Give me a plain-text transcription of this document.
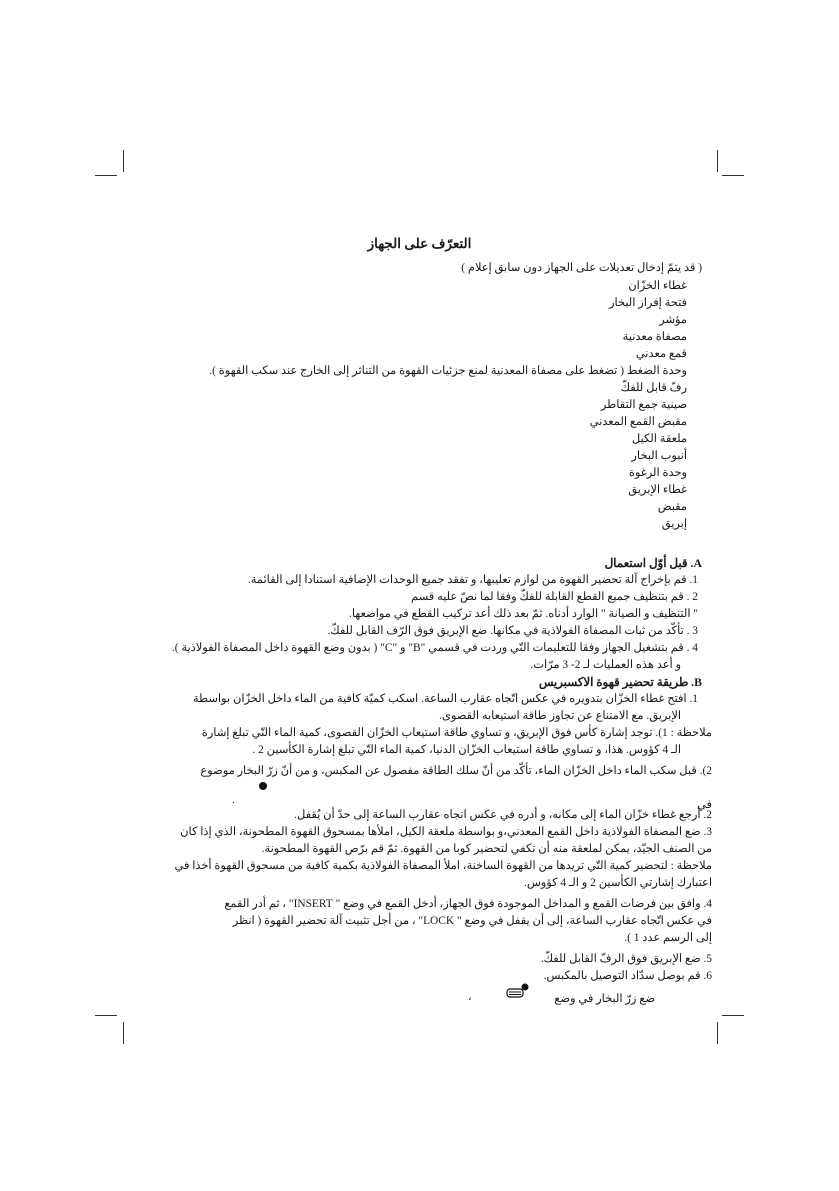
التعرّف على الجهاز
( قد يتمّ إدخال تعديلات على الجهاز دون سابق إعلام )
غطاء الخزّان
فتحة إفراز البخار
مؤشر
مصفاة معدنية
قمع معدني
وحدة الضغط ( تضغط على مصفاة المعدنية لمنع جزئيات القهوة من التناثر إلى الخارج عند سكب القهوة ).
رفّ قابل للفكّ
صينية جمع التقاطر
مقبض القمع المعدني
ملعقة الكيل
أنبوب البخار
وحدة الرغوة
غطاء الإبريق
مقبض
إبريق
A. قبل أوّل استعمال
1. قم بإخراج آلة تحضير القهوة من لوازم تعليبها، و تفقد جميع الوحدات الإضافية استنادا إلى القائمة.
2 . قم بتنظيف جميع القطع القابلة للفكّ وفقا لما نصّ عليه قسم
" التنظيف و الصيانة " الوارد أدناه. ثمّ بعد ذلك أعد تركيب القطع في مواضعها.
3 . تأكّد من ثبات المصفاة الفولاذية في مكانها. ضع الإبريق فوق الرّف القابل للفكّ.
4 . قم بتشغيل الجهاز وفقا للتعليمات التّي وردت في قسمي "B" و "C" ( بدون وضع القهوة داخل المصفاة الفولاذية ).
و أعد هذه العمليات لـ 2- 3 مرّات.
B. طريقة تحضير قهوة الاكسبريس
1. افتح غطاء الخزّان بتدويره في عكس اتّجاه عقارب الساعة. اسكب كميّة كافية من الماء داخل الخزّان بواسطة
الإبريق. مع الامتناع عن تجاوز طاقة استيعابه القصوى.
ملاحظة : 1). توجد إشارة كأس فوق الإبريق، و تساوي طاقة استيعاب الخزّان القصوى، كمية الماء التّي تبلغ إشارة
الـ 4 كؤوس. هذا، و تساوي طاقة استيعاب الخزّان الدنيا، كمية الماء التّي تبلغ إشارة الكأسين 2 .
2). قبل سكب الماء داخل الخزّان الماء، تأكّد من أنّ سلك الطاقة مفصول عن المكبس، و من أنّ زرّ البخار موضوع
في
.
2. أرجع غطاء خزّان الماء إلى مكانه، و أدره في عكس اتجاه عقارب الساعة إلى حدّ أن يُقفل.
3. ضع المصفاة الفولاذية داخل القمع المعدني،و بواسطة ملعقة الكيل، املأها بمسحوق القهوة المطحونة، الذي إذا كان
من الصنف الجيّد، يمكن لملعقة منه أن تكفي لتحضير كوبا من القهوة. ثمّ قم برّص القهوة المطحونة.
ملاحظة : لتحضير كمية التّي تريدها من القهوة الساخنة، املأ المصفاة الفولاذية بكمية كافية من مسحوق القهوة أخذا في
اعتبارك إشارتي الكأسين 2 و الـ 4 كؤوس.
4. وافق بين فرضات القمع و المداخل الموجودة فوق الجهاز، أدخل القمع في وضع " INSERT" ، ثم أدر القمع
في عكس اتّجاه عقارب الساعة، إلى أن يقفل في وضع " LOCK" ، من أجل تثبيت آلة تحضير القهوة ( انظر
إلى الرسم عدد 1 ).
5. ضع الإبريق فوق الرفّ القابل للفكّ.
6. قم بوصل سدّاد التوصيل بالمكبس.
ضع زرّ البخار في وضع
،
